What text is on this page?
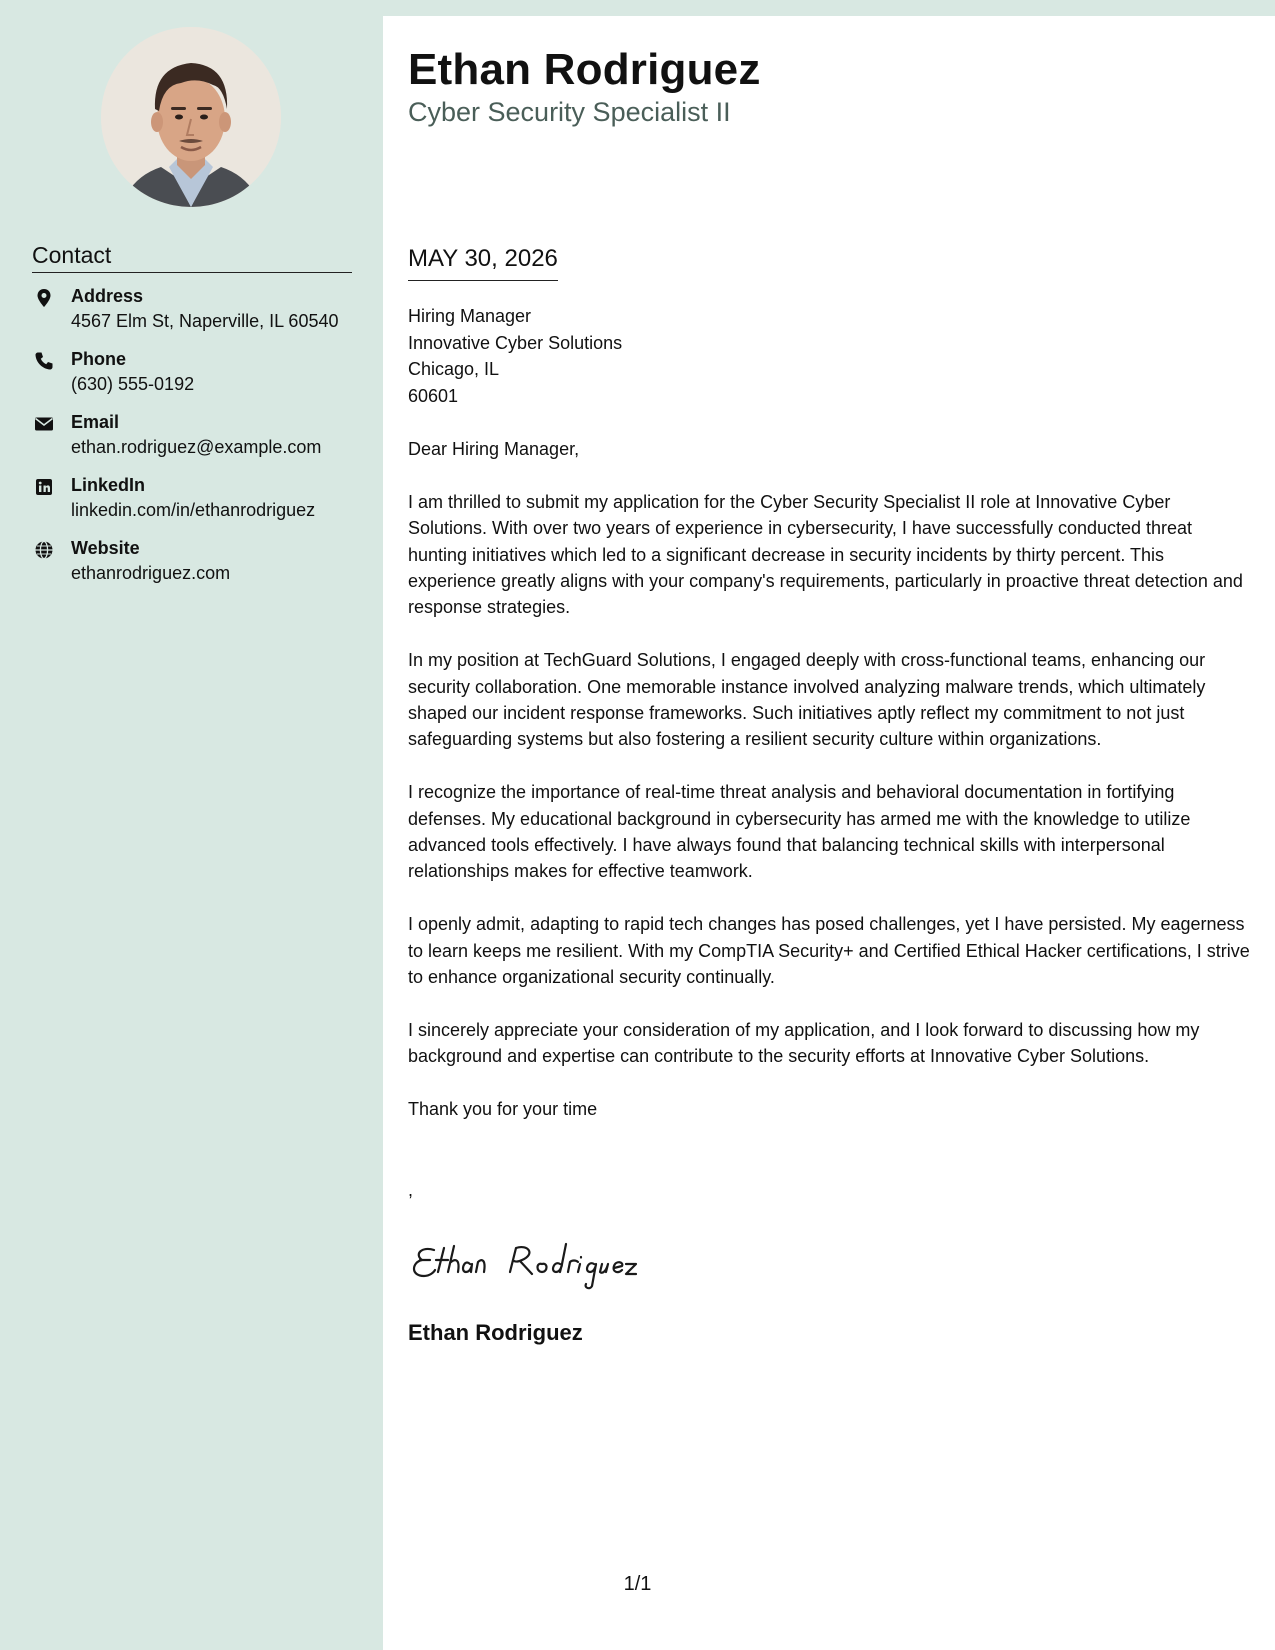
Contact
Address
4567 Elm St, Naperville, IL 60540
Phone
(630) 555-0192
Email
ethan.rodriguez@example.com
LinkedIn
linkedin.com/in/ethanrodriguez
Website
ethanrodriguez.com
Ethan Rodriguez
Cyber Security Specialist II
MAY 30, 2026
Hiring Manager
Innovative Cyber Solutions
Chicago, IL
60601

Dear Hiring Manager,

I am thrilled to submit my application for the Cyber Security Specialist II role at Innovative Cyber Solutions. With over two years of experience in cybersecurity, I have successfully conducted threat hunting initiatives which led to a significant decrease in security incidents by thirty percent. This experience greatly aligns with your company's requirements, particularly in proactive threat detection and response strategies.

In my position at TechGuard Solutions, I engaged deeply with cross-functional teams, enhancing our security collaboration. One memorable instance involved analyzing malware trends, which ultimately shaped our incident response frameworks. Such initiatives aptly reflect my commitment to not just safeguarding systems but also fostering a resilient security culture within organizations.

I recognize the importance of real-time threat analysis and behavioral documentation in fortifying defenses. My educational background in cybersecurity has armed me with the knowledge to utilize advanced tools effectively. I have always found that balancing technical skills with interpersonal relationships makes for effective teamwork.

I openly admit, adapting to rapid tech changes has posed challenges, yet I have persisted. My eagerness to learn keeps me resilient. With my CompTIA Security+ and Certified Ethical Hacker certifications, I strive to enhance organizational security continually.

I sincerely appreciate your consideration of my application, and I look forward to discussing how my background and expertise can contribute to the security efforts at Innovative Cyber Solutions.

Thank you for your time

,
Ethan Rodriguez
1/1
